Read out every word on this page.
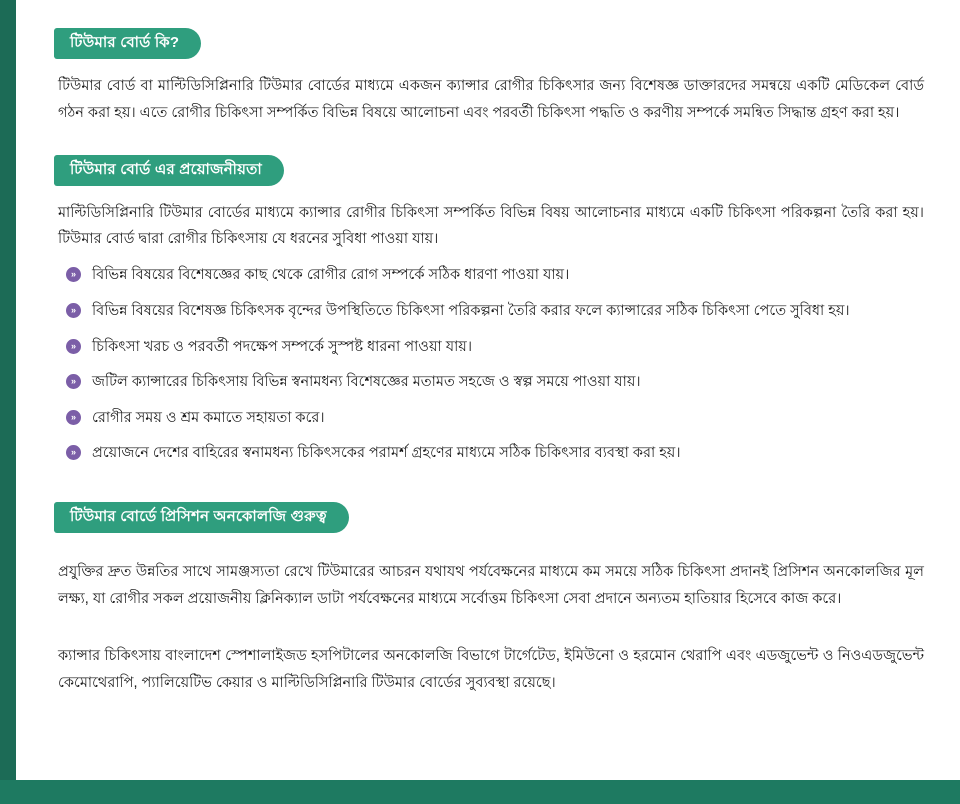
টিউমার বোর্ড কি?

টিউমার বোর্ড বা মাল্টিডিসিপ্লিনারি টিউমার বোর্ডের মাধ্যমে একজন ক্যান্সার রোগীর চিকিৎসার জন্য বিশেষজ্ঞ ডাক্তারদের সমন্বয়ে একটি মেডিকেল বোর্ড গঠন করা হয়। এতে রোগীর চিকিৎসা সম্পর্কিত বিভিন্ন বিষয়ে আলোচনা এবং পরবর্তী চিকিৎসা পদ্ধতি ও করণীয় সম্পর্কে সমন্বিত সিদ্ধান্ত গ্রহণ করা হয়।

টিউমার বোর্ড এর প্রয়োজনীয়তা

মাল্টিডিসিপ্লিনারি টিউমার বোর্ডের মাধ্যমে ক্যান্সার রোগীর চিকিৎসা সম্পর্কিত বিভিন্ন বিষয় আলোচনার মাধ্যমে একটি চিকিৎসা পরিকল্পনা তৈরি করা হয়। টিউমার বোর্ড দ্বারা রোগীর চিকিৎসায় যে ধরনের সুবিধা পাওয়া যায়।

»	বিভিন্ন বিষয়ের বিশেষজ্ঞের কাছ থেকে রোগীর রোগ সম্পর্কে সঠিক ধারণা পাওয়া যায়।
»	বিভিন্ন বিষয়ের বিশেষজ্ঞ চিকিৎসক বৃন্দের উপস্থিতিতে চিকিৎসা পরিকল্পনা তৈরি করার ফলে ক্যান্সারের সঠিক চিকিৎসা পেতে সুবিধা হয়।
»	চিকিৎসা খরচ ও পরবর্তী পদক্ষেপ সম্পর্কে সুস্পষ্ট ধারনা পাওয়া যায়।
»	জটিল ক্যান্সারের চিকিৎসায় বিভিন্ন স্বনামধন্য বিশেষজ্ঞের মতামত সহজে ও স্বল্প সময়ে পাওয়া যায়।
»	রোগীর সময় ও শ্রম কমাতে সহায়তা করে।
»	প্রয়োজনে দেশের বাহিরের স্বনামধন্য চিকিৎসকের পরামর্শ গ্রহণের মাধ্যমে সঠিক চিকিৎসার ব্যবস্থা করা হয়।
টিউমার বোর্ডে প্রিসিশন অনকোলজি গুরুত্ব

প্রযুক্তির দ্রুত উন্নতির সাথে সামঞ্জস্যতা রেখে টিউমারের আচরন যথাযথ পর্যবেক্ষনের মাধ্যমে কম সময়ে সঠিক চিকিৎসা প্রদানই প্রিসিশন অনকোলজির মূল লক্ষ্য, যা রোগীর সকল প্রয়োজনীয় ক্লিনিক্যাল ডাটা পর্যবেক্ষনের মাধ্যমে সর্বোত্তম চিকিৎসা সেবা প্রদানে অন্যতম হাতিয়ার হিসেবে কাজ করে।

ক্যান্সার চিকিৎসায় বাংলাদেশ স্পেশালাইজড হসপিটালের অনকোলজি বিভাগে টার্গেটেড, ইমিউনো ও হরমোন থেরাপি এবং এডজুভেন্ট ও নিওএডজুভেন্ট কেমোথেরাপি, প্যালিয়েটিভ কেয়ার ও মাল্টিডিসিপ্লিনারি টিউমার বোর্ডের সুব্যবস্থা রয়েছে।
